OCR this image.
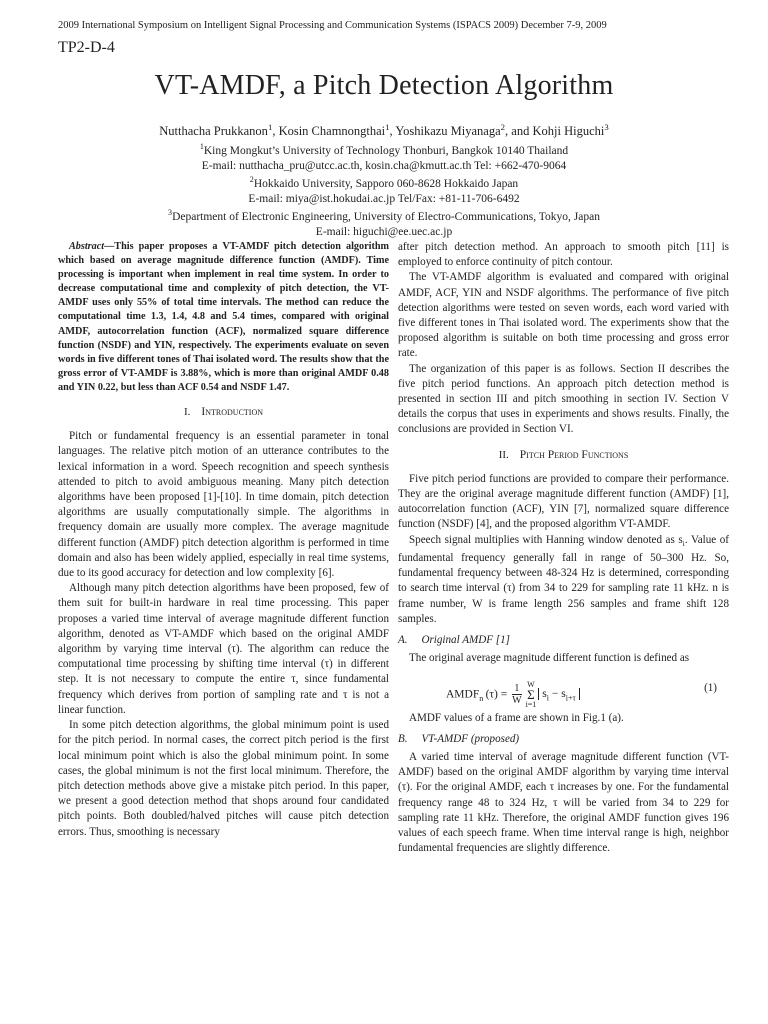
2009 International Symposium on Intelligent Signal Processing and Communication Systems (ISPACS 2009) December 7-9, 2009
TP2-D-4
VT-AMDF, a Pitch Detection Algorithm
Nutthacha Prukkanon$^1$, Kosin Chamnongthai$^1$, Yoshikazu Miyanaga$^2$, and Kohji Higuchi$^3$
$^1$King Mongkut’s University of Technology Thonburi, Bangkok 10140 Thailand
E-mail: nutthacha_pru@utcc.ac.th, kosin.cha@kmutt.ac.th Tel: +662-470-9064
$^2$Hokkaido University, Sapporo 060-8628 Hokkaido Japan
E-mail: miya@ist.hokudai.ac.jp Tel/Fax: +81-11-706-6492
$^3$Department of Electronic Engineering, University of Electro-Communications, Tokyo, Japan
E-mail: higuchi@ee.uec.ac.jp

Abstract—This paper proposes a VT-AMDF pitch detection algorithm which based on average magnitude difference function (AMDF). Time processing is important when implement in real time system. In order to decrease computational time and complexity of pitch detection, the VT-AMDF uses only 55% of total time intervals. The method can reduce the computational time 1.3, 1.4, 4.8 and 5.4 times, compared with original AMDF, autocorrelation function (ACF), normalized square difference function (NSDF) and YIN, respectively. The experiments evaluate on seven words in five different tones of Thai isolated word. The results show that the gross error of VT-AMDF is 3.88%, which is more than original AMDF 0.48 and YIN 0.22, but less than ACF 0.54 and NSDF 1.47.

I. Introduction

Pitch or fundamental frequency is an essential parameter in tonal languages. The relative pitch motion of an utterance contributes to the lexical information in a word. Speech recognition and speech synthesis attended to pitch to avoid ambiguous meaning. Many pitch detection algorithms have been proposed [1]-[10]. In time domain, pitch detection algorithms are usually computationally simple. The algorithms in frequency domain are usually more complex. The average magnitude different function (AMDF) pitch detection algorithm is performed in time domain and also has been widely applied, especially in real time systems, due to its good accuracy for detection and low complexity [6].

Although many pitch detection algorithms have been proposed, few of them suit for built-in hardware in real time processing. This paper proposes a varied time interval of average magnitude different function algorithm, denoted as VT-AMDF which based on the original AMDF algorithm by varying time interval (τ). The algorithm can reduce the computational time processing by shifting time interval (τ) in different step. It is not necessary to compute the entire τ, since fundamental frequency which derives from portion of sampling rate and τ is not a linear function.

In some pitch detection algorithms, the global minimum point is used for the pitch period. In normal cases, the correct pitch period is the first local minimum point which is also the global minimum point. In some cases, the global minimum is not the first local minimum. Therefore, the pitch detection methods above give a mistake pitch period. In this paper, we present a good detection method that shops around four candidated pitch points. Both doubled/halved pitches will cause pitch detection errors. Thus, smoothing is necessary

after pitch detection method. An approach to smooth pitch [11] is employed to enforce continuity of pitch contour.

The VT-AMDF algorithm is evaluated and compared with original AMDF, ACF, YIN and NSDF algorithms. The performance of five pitch detection algorithms were tested on seven words, each word varied with five different tones in Thai isolated word. The experiments show that the proposed algorithm is suitable on both time processing and gross error rate.

The organization of this paper is as follows. Section II describes the five pitch period functions. An approach pitch detection method is presented in section III and pitch smoothing in section IV. Section V details the corpus that uses in experiments and shows results. Finally, the conclusions are provided in Section VI.

II. Pitch Period Functions

Five pitch period functions are provided to compare their performance. They are the original average magnitude different function (AMDF) [1], autocorrelation function (ACF), YIN [7], normalized square difference function (NSDF) [4], and the proposed algorithm VT-AMDF.

Speech signal multiplies with Hanning window denoted as $s_i$. Value of fundamental frequency generally fall in range of 50–300 Hz. So, fundamental frequency between 48-324 Hz is determined, corresponding to search time interval (τ) from 34 to 229 for sampling rate 11 kHz. n is frame number, W is frame length 256 samples and frame shift 128 samples.

A. Original AMDF [1]

The original average magnitude different function is defined as

$AMDF_n$  $(\tau) = \frac{1}{W}$ W
Σ
i=1
$s_i - s_{i+\tau}$
(1)

AMDF values of a frame are shown in Fig.1 (a).

B. VT-AMDF (proposed)

A varied time interval of average magnitude different function (VT-AMDF) based on the original AMDF algorithm by varying time interval (τ). For the original AMDF, each τ increases by one. For the fundamental frequency range 48 to 324 Hz, τ will be varied from 34 to 229 for sampling rate 11 kHz. Therefore, the original AMDF function gives 196 values of each speech frame. When time interval range is high, neighbor fundamental frequencies are slightly difference.
